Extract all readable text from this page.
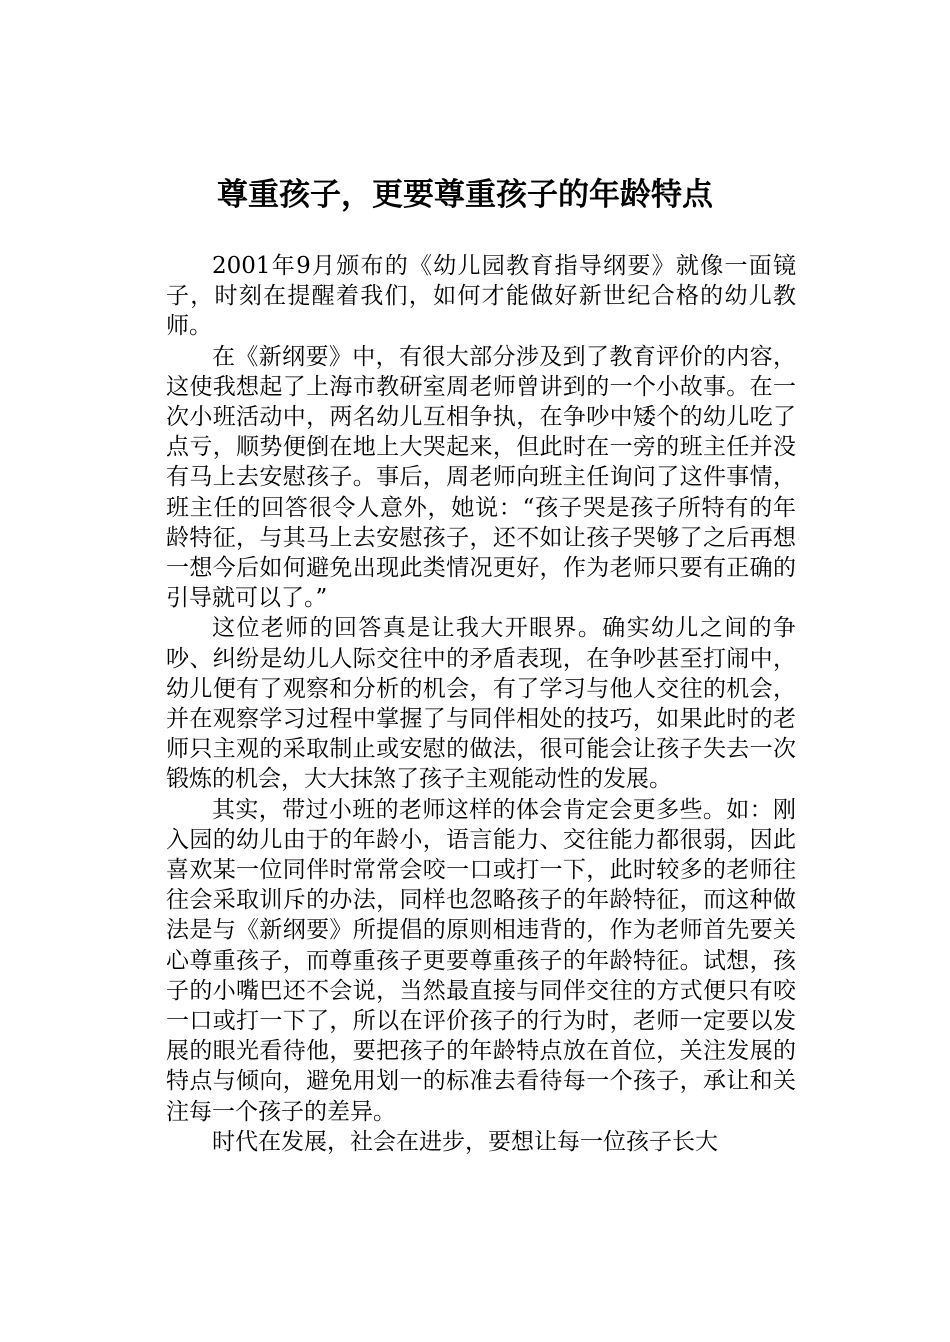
尊重孩子，更要尊重孩子的年龄特点

2001年9月颁布的《幼儿园教育指导纲要》就像一面镜子，时刻在提醒着我们，如何才能做好新世纪合格的幼儿教师。

在《新纲要》中，有很大部分涉及到了教育评价的内容，这使我想起了上海市教研室周老师曾讲到的一个小故事。在一次小班活动中，两名幼儿互相争执，在争吵中矮个的幼儿吃了点亏，顺势便倒在地上大哭起来，但此时在一旁的班主任并没有马上去安慰孩子。事后，周老师向班主任询问了这件事情，班主任的回答很令人意外，她说：“孩子哭是孩子所特有的年龄特征，与其马上去安慰孩子，还不如让孩子哭够了之后再想一想今后如何避免出现此类情况更好，作为老师只要有正确的引导就可以了。”

这位老师的回答真是让我大开眼界。确实幼儿之间的争吵、纠纷是幼儿人际交往中的矛盾表现，在争吵甚至打闹中，幼儿便有了观察和分析的机会，有了学习与他人交往的机会，并在观察学习过程中掌握了与同伴相处的技巧，如果此时的老师只主观的采取制止或安慰的做法，很可能会让孩子失去一次锻炼的机会，大大抹煞了孩子主观能动性的发展。

其实，带过小班的老师这样的体会肯定会更多些。如：刚入园的幼儿由于的年龄小，语言能力、交往能力都很弱，因此喜欢某一位同伴时常常会咬一口或打一下，此时较多的老师往往会采取训斥的办法，同样也忽略孩子的年龄特征，而这种做法是与《新纲要》所提倡的原则相违背的，作为老师首先要关心尊重孩子，而尊重孩子更要尊重孩子的年龄特征。试想，孩子的小嘴巴还不会说，当然最直接与同伴交往的方式便只有咬一口或打一下了，所以在评价孩子的行为时，老师一定要以发展的眼光看待他，要把孩子的年龄特点放在首位，关注发展的特点与倾向，避免用划一的标准去看待每一个孩子，承让和关注每一个孩子的差异。

时代在发展，社会在进步，要想让每一位孩子长大
